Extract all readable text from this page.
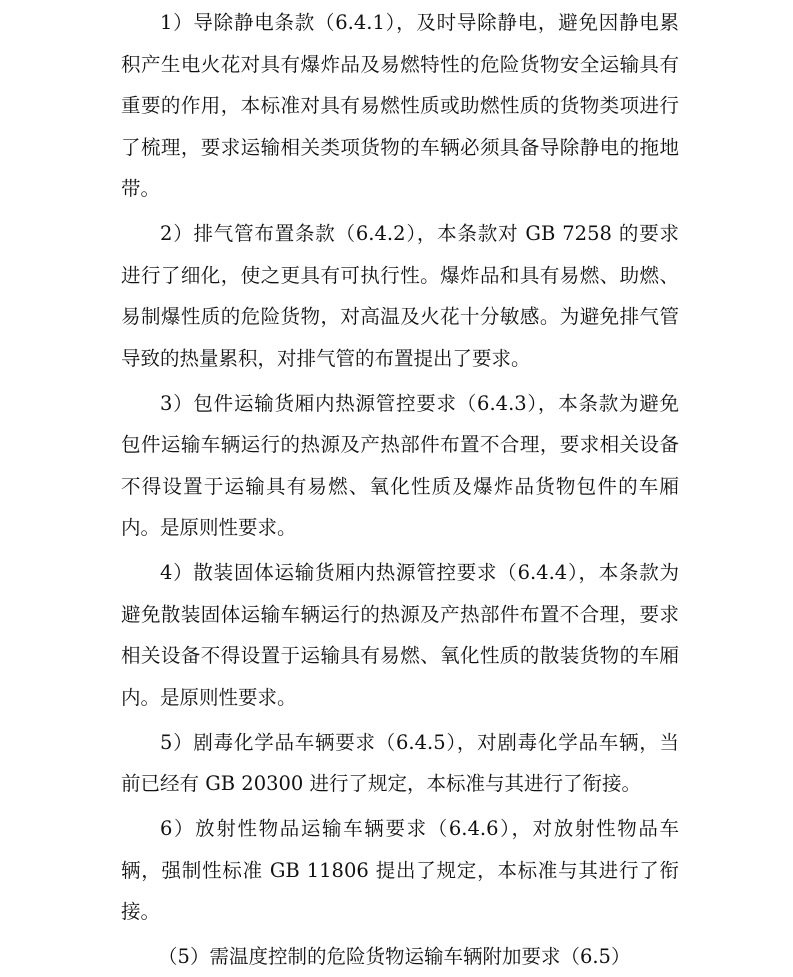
1）导除静电条款（6.4.1），及时导除静电，避免因静电累积产生电火花对具有爆炸品及易燃特性的危险货物安全运输具有重要的作用，本标准对具有易燃性质或助燃性质的货物类项进行了梳理，要求运输相关类项货物的车辆必须具备导除静电的拖地带。

2）排气管布置条款（6.4.2），本条款对 GB 7258 的要求进行了细化，使之更具有可执行性。爆炸品和具有易燃、助燃、易制爆性质的危险货物，对高温及火花十分敏感。为避免排气管导致的热量累积，对排气管的布置提出了要求。

3）包件运输货厢内热源管控要求（6.4.3），本条款为避免包件运输车辆运行的热源及产热部件布置不合理，要求相关设备不得设置于运输具有易燃、氧化性质及爆炸品货物包件的车厢内。是原则性要求。

4）散装固体运输货厢内热源管控要求（6.4.4），本条款为避免散装固体运输车辆运行的热源及产热部件布置不合理，要求相关设备不得设置于运输具有易燃、氧化性质的散装货物的车厢内。是原则性要求。

5）剧毒化学品车辆要求（6.4.5），对剧毒化学品车辆，当前已经有 GB 20300 进行了规定，本标准与其进行了衔接。

6）放射性物品运输车辆要求（6.4.6），对放射性物品车辆，强制性标准 GB 11806 提出了规定，本标准与其进行了衔接。

（5）需温度控制的危险货物运输车辆附加要求（6.5）
